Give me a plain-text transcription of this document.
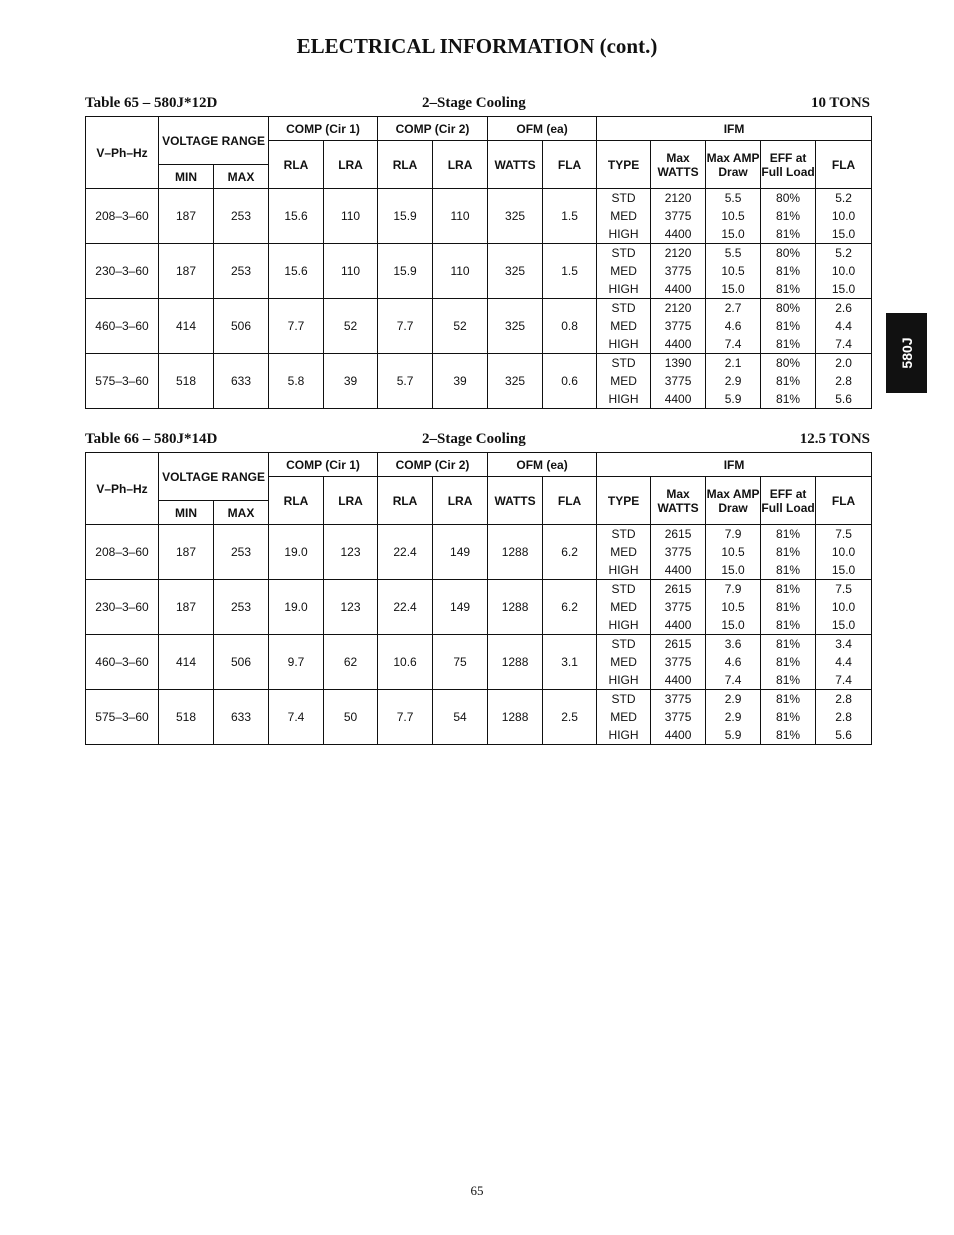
ELECTRICAL INFORMATION (cont.)
Table 65 – 580J*12D	2–Stage Cooling	10 TONS
V–Ph–Hz	VOLTAGE RANGE		COMP (Cir 1)		COMP (Cir 2)		OFM (ea)		IFM				
			RLA	LRA	RLA	LRA	WATTS	FLA	TYPE	Max WATTS	Max AMP Draw	EFF at Full Load	FLA
	MIN	MAX											
208–3–60	187	253	15.6	110	15.9	110	325	1.5	STD	2120	5.5	80%	5.2
									MED	3775	10.5	81%	10.0
									HIGH	4400	15.0	81%	15.0
230–3–60	187	253	15.6	110	15.9	110	325	1.5	STD	2120	5.5	80%	5.2
									MED	3775	10.5	81%	10.0
									HIGH	4400	15.0	81%	15.0
460–3–60	414	506	7.7	52	7.7	52	325	0.8	STD	2120	2.7	80%	2.6
									MED	3775	4.6	81%	4.4
									HIGH	4400	7.4	81%	7.4
575–3–60	518	633	5.8	39	5.7	39	325	0.6	STD	1390	2.1	80%	2.0
									MED	3775	2.9	81%	2.8
									HIGH	4400	5.9	81%	5.6
Table 66 – 580J*14D	2–Stage Cooling	12.5 TONS
V–Ph–Hz	VOLTAGE RANGE		COMP (Cir 1)		COMP (Cir 2)		OFM (ea)		IFM				
			RLA	LRA	RLA	LRA	WATTS	FLA	TYPE	Max WATTS	Max AMP Draw	EFF at Full Load	FLA
	MIN	MAX											
208–3–60	187	253	19.0	123	22.4	149	1288	6.2	STD	2615	7.9	81%	7.5
									MED	3775	10.5	81%	10.0
									HIGH	4400	15.0	81%	15.0
230–3–60	187	253	19.0	123	22.4	149	1288	6.2	STD	2615	7.9	81%	7.5
									MED	3775	10.5	81%	10.0
									HIGH	4400	15.0	81%	15.0
460–3–60	414	506	9.7	62	10.6	75	1288	3.1	STD	2615	3.6	81%	3.4
									MED	3775	4.6	81%	4.4
									HIGH	4400	7.4	81%	7.4
575–3–60	518	633	7.4	50	7.7	54	1288	2.5	STD	3775	2.9	81%	2.8
									MED	3775	2.9	81%	2.8
									HIGH	4400	5.9	81%	5.6
580J
65
